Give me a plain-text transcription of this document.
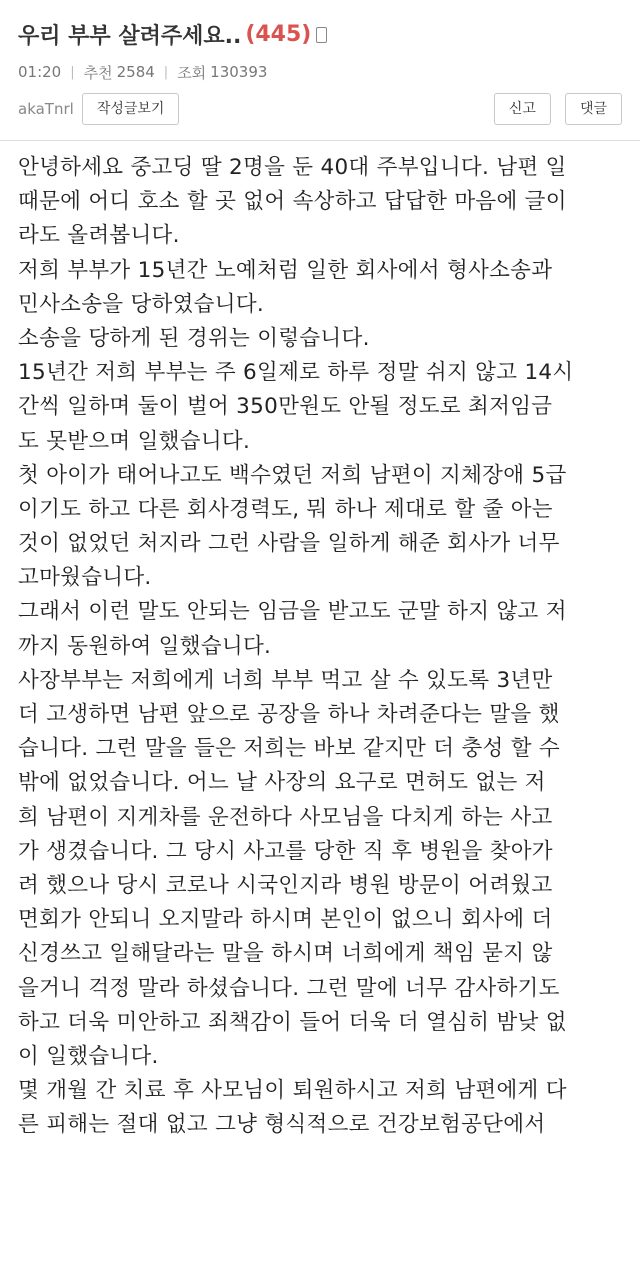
우리 부부 살려주세요.. (445)
01:20 | 추천 2584 | 조회 130393
akaTnrl	작성글보기	신고	댓글
안녕하세요 중고딩 딸 2명을 둔 40대 주부입니다. 남편 일
때문에 어디 호소 할 곳 없어 속상하고 답답한 마음에 글이
라도 올려봅니다.
저희 부부가 15년간 노예처럼 일한 회사에서 형사소송과
민사소송을 당하였습니다.
소송을 당하게 된 경위는 이렇습니다.
15년간 저희 부부는 주 6일제로 하루 정말 쉬지 않고 14시
간씩 일하며 둘이 벌어 350만원도 안될 정도로 최저임금
도 못받으며 일했습니다.
첫 아이가 태어나고도 백수였던 저희 남편이 지체장애 5급
이기도 하고 다른 회사경력도, 뭐 하나 제대로 할 줄 아는
것이 없었던 처지라 그런 사람을 일하게 해준 회사가 너무
고마웠습니다.
그래서 이런 말도 안되는 임금을 받고도 군말 하지 않고 저
까지 동원하여 일했습니다.
사장부부는 저희에게 너희 부부 먹고 살 수 있도록 3년만
더 고생하면 남편 앞으로 공장을 하나 차려준다는 말을 했
습니다. 그런 말을 들은 저희는 바보 같지만 더 충성 할 수
밖에 없었습니다. 어느 날 사장의 요구로 면허도 없는 저
희 남편이 지게차를 운전하다 사모님을 다치게 하는 사고
가 생겼습니다. 그 당시 사고를 당한 직 후 병원을 찾아가
려 했으나 당시 코로나 시국인지라 병원 방문이 어려웠고
면회가 안되니 오지말라 하시며 본인이 없으니 회사에 더
신경쓰고 일해달라는 말을 하시며 너희에게 책임 묻지 않
을거니 걱정 말라 하셨습니다. 그런 말에 너무 감사하기도
하고 더욱 미안하고 죄책감이 들어 더욱 더 열심히 밤낮 없
이 일했습니다.
몇 개월 간 치료 후 사모님이 퇴원하시고 저희 남편에게 다
른 피해는 절대 없고 그냥 형식적으로 건강보험공단에서
